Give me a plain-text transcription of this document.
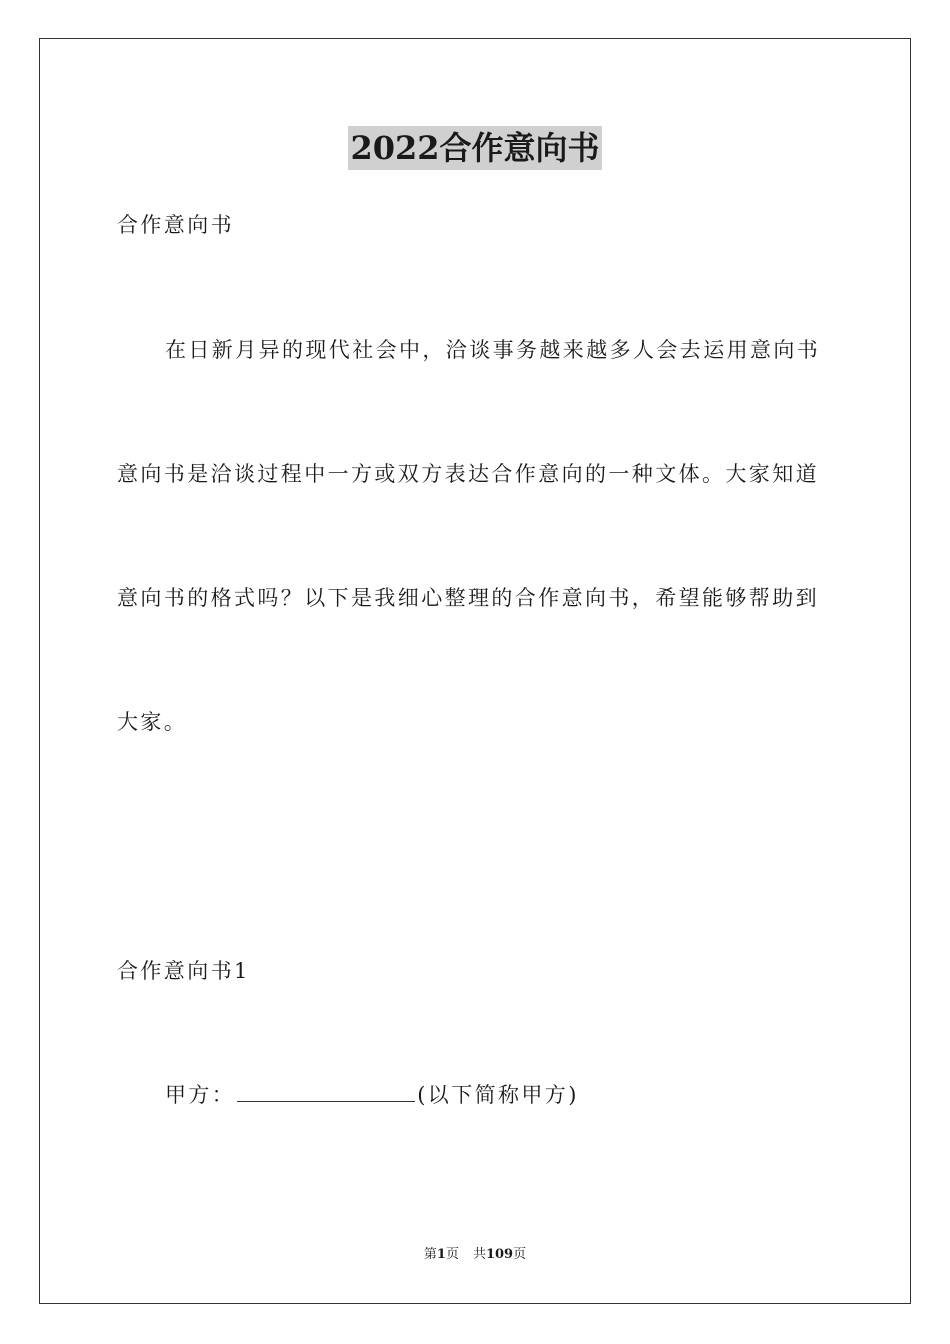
2022合作意向书
合作意向书
在日新月异的现代社会中，洽谈事务越来越多人会去运用意向书
意向书是洽谈过程中一方或双方表达合作意向的一种文体。大家知道
意向书的格式吗？以下是我细心整理的合作意向书，希望能够帮助到
大家。
合作意向书1
甲方：	(以下简称甲方)
第1页 共109页
